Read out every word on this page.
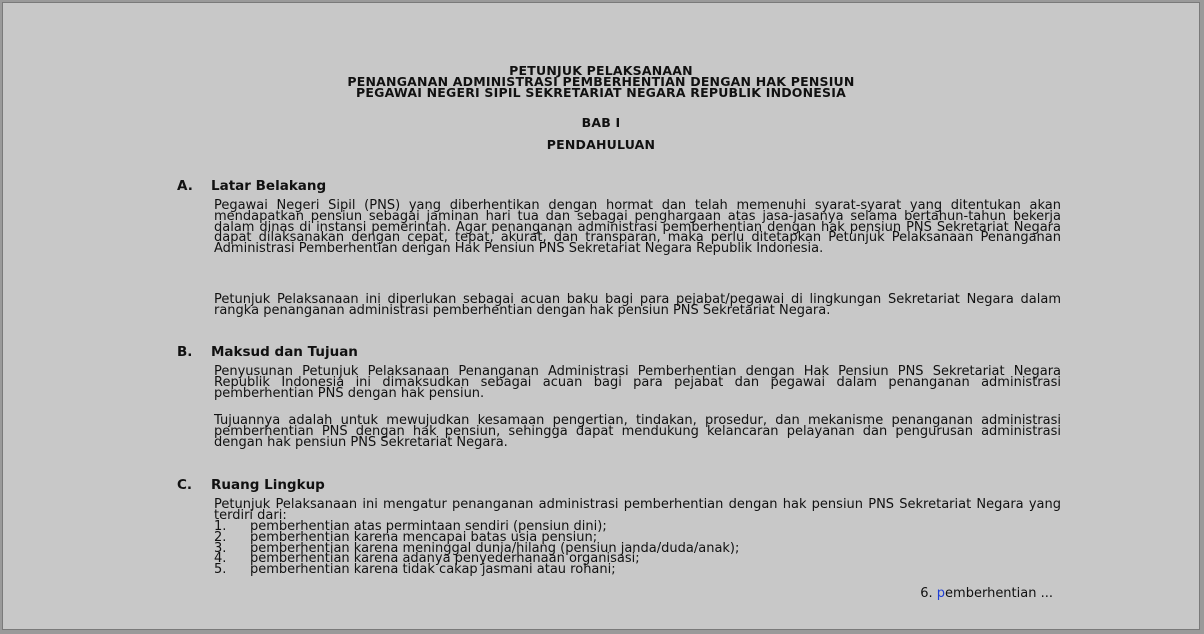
PETUNJUK PELAKSANAAN
PENANGANAN ADMINISTRASI PEMBERHENTIAN DENGAN HAK PENSIUN
PEGAWAI NEGERI SIPIL SEKRETARIAT NEGARA REPUBLIK INDONESIA
BAB I
PENDAHULUAN
A. Latar Belakang
Pegawai Negeri Sipil (PNS) yang diberhentikan dengan hormat dan telah memenuhi syarat-syarat yang ditentukan akan mendapatkan pensiun sebagai jaminan hari tua dan sebagai penghargaan atas jasa-jasanya selama bertahun-tahun bekerja dalam dinas di instansi pemerintah. Agar penanganan administrasi pemberhentian dengan hak pensiun PNS Sekretariat Negara dapat dilaksanakan dengan cepat, tepat, akurat, dan transparan, maka perlu ditetapkan Petunjuk Pelaksanaan Penanganan Administrasi Pemberhentian dengan Hak Pensiun PNS Sekretariat Negara Republik Indonesia.
Petunjuk Pelaksanaan ini diperlukan sebagai acuan baku bagi para pejabat/pegawai di lingkungan Sekretariat Negara dalam rangka penanganan administrasi pemberhentian dengan hak pensiun PNS Sekretariat Negara.
B. Maksud dan Tujuan
Penyusunan Petunjuk Pelaksanaan Penanganan Administrasi Pemberhentian dengan Hak Pensiun PNS Sekretariat Negara Republik Indonesia ini dimaksudkan sebagai acuan bagi para pejabat dan pegawai dalam penanganan administrasi pemberhentian PNS dengan hak pensiun.
Tujuannya adalah untuk mewujudkan kesamaan pengertian, tindakan, prosedur, dan mekanisme penanganan administrasi pemberhentian PNS dengan hak pensiun, sehingga dapat mendukung kelancaran pelayanan dan pengurusan administrasi dengan hak pensiun PNS Sekretariat Negara.
C. Ruang Lingkup
Petunjuk Pelaksanaan ini mengatur penanganan administrasi pemberhentian dengan hak pensiun PNS Sekretariat Negara yang terdiri dari:
1.	pemberhentian atas permintaan sendiri (pensiun dini);
2.	pemberhentian karena mencapai batas usia pensiun;
3.	pemberhentian karena meninggal dunia/hilang (pensiun janda/duda/anak);
4.	pemberhentian karena adanya penyederhanaan organisasi;
5.	pemberhentian karena tidak cakap jasmani atau rohani;
6. pemberhentian ...
